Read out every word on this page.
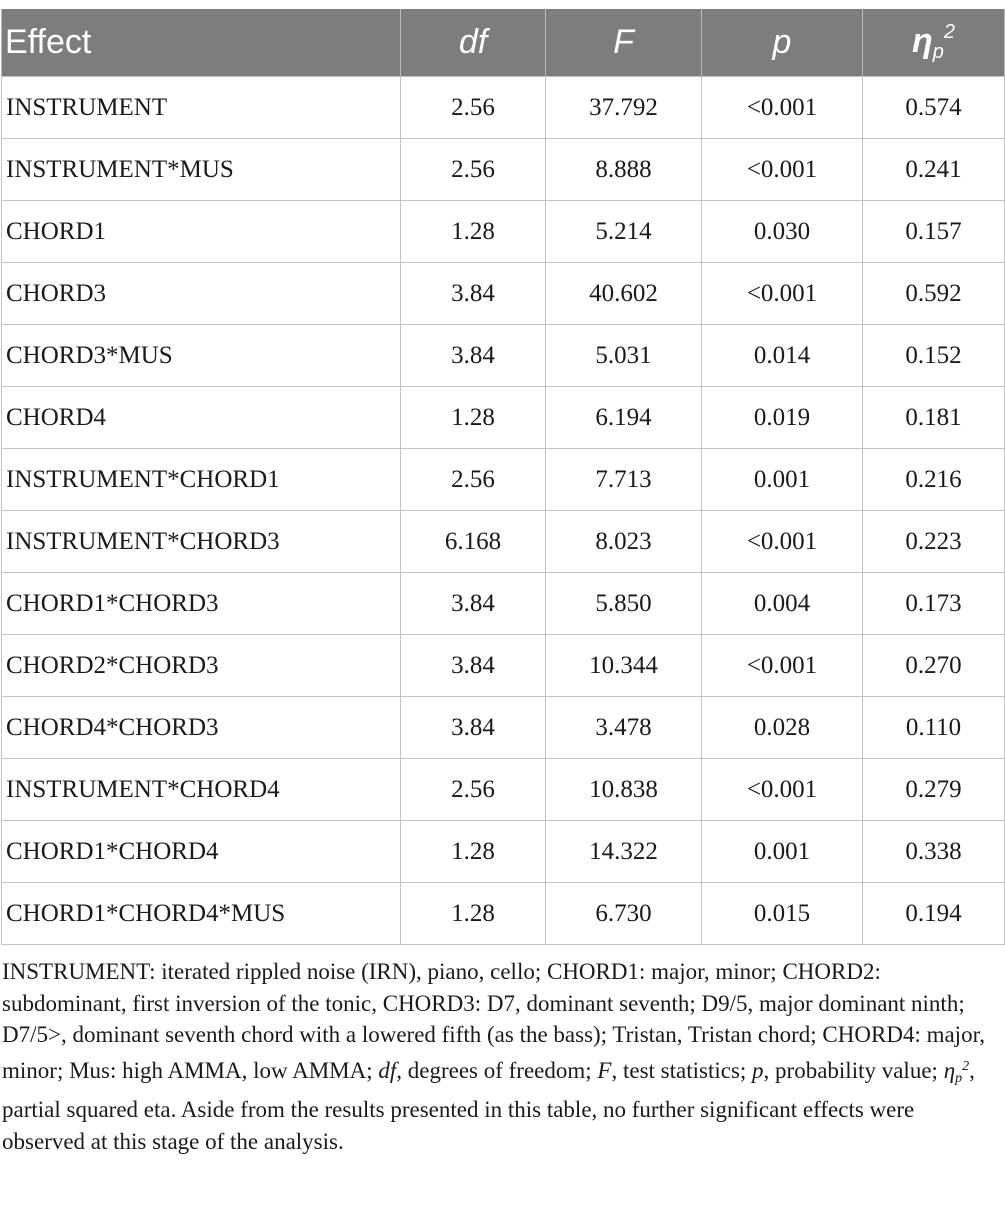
Effect	df	F	p	$\eta_p^2$
INSTRUMENT	2.56	37.792	<0.001	0.574
INSTRUMENT*MUS	2.56	8.888	<0.001	0.241
CHORD1	1.28	5.214	0.030	0.157
CHORD3	3.84	40.602	<0.001	0.592
CHORD3*MUS	3.84	5.031	0.014	0.152
CHORD4	1.28	6.194	0.019	0.181
INSTRUMENT*CHORD1	2.56	7.713	0.001	0.216
INSTRUMENT*CHORD3	6.168	8.023	<0.001	0.223
CHORD1*CHORD3	3.84	5.850	0.004	0.173
CHORD2*CHORD3	3.84	10.344	<0.001	0.270
CHORD4*CHORD3	3.84	3.478	0.028	0.110
INSTRUMENT*CHORD4	2.56	10.838	<0.001	0.279
CHORD1*CHORD4	1.28	14.322	0.001	0.338
CHORD1*CHORD4*MUS	1.28	6.730	0.015	0.194
INSTRUMENT: iterated rippled noise (IRN), piano, cello; CHORD1: major, minor; CHORD2: subdominant, first inversion of the tonic, CHORD3: D7, dominant seventh; D9/5, major dominant ninth; D7/5>, dominant seventh chord with a lowered fifth (as the bass); Tristan, Tristan chord; CHORD4: major, minor; Mus: high AMMA, low AMMA; df, degrees of freedom; F, test statistics; p, probability value; $\eta_p^2$, partial squared eta. Aside from the results presented in this table, no further significant effects were observed at this stage of the analysis.
